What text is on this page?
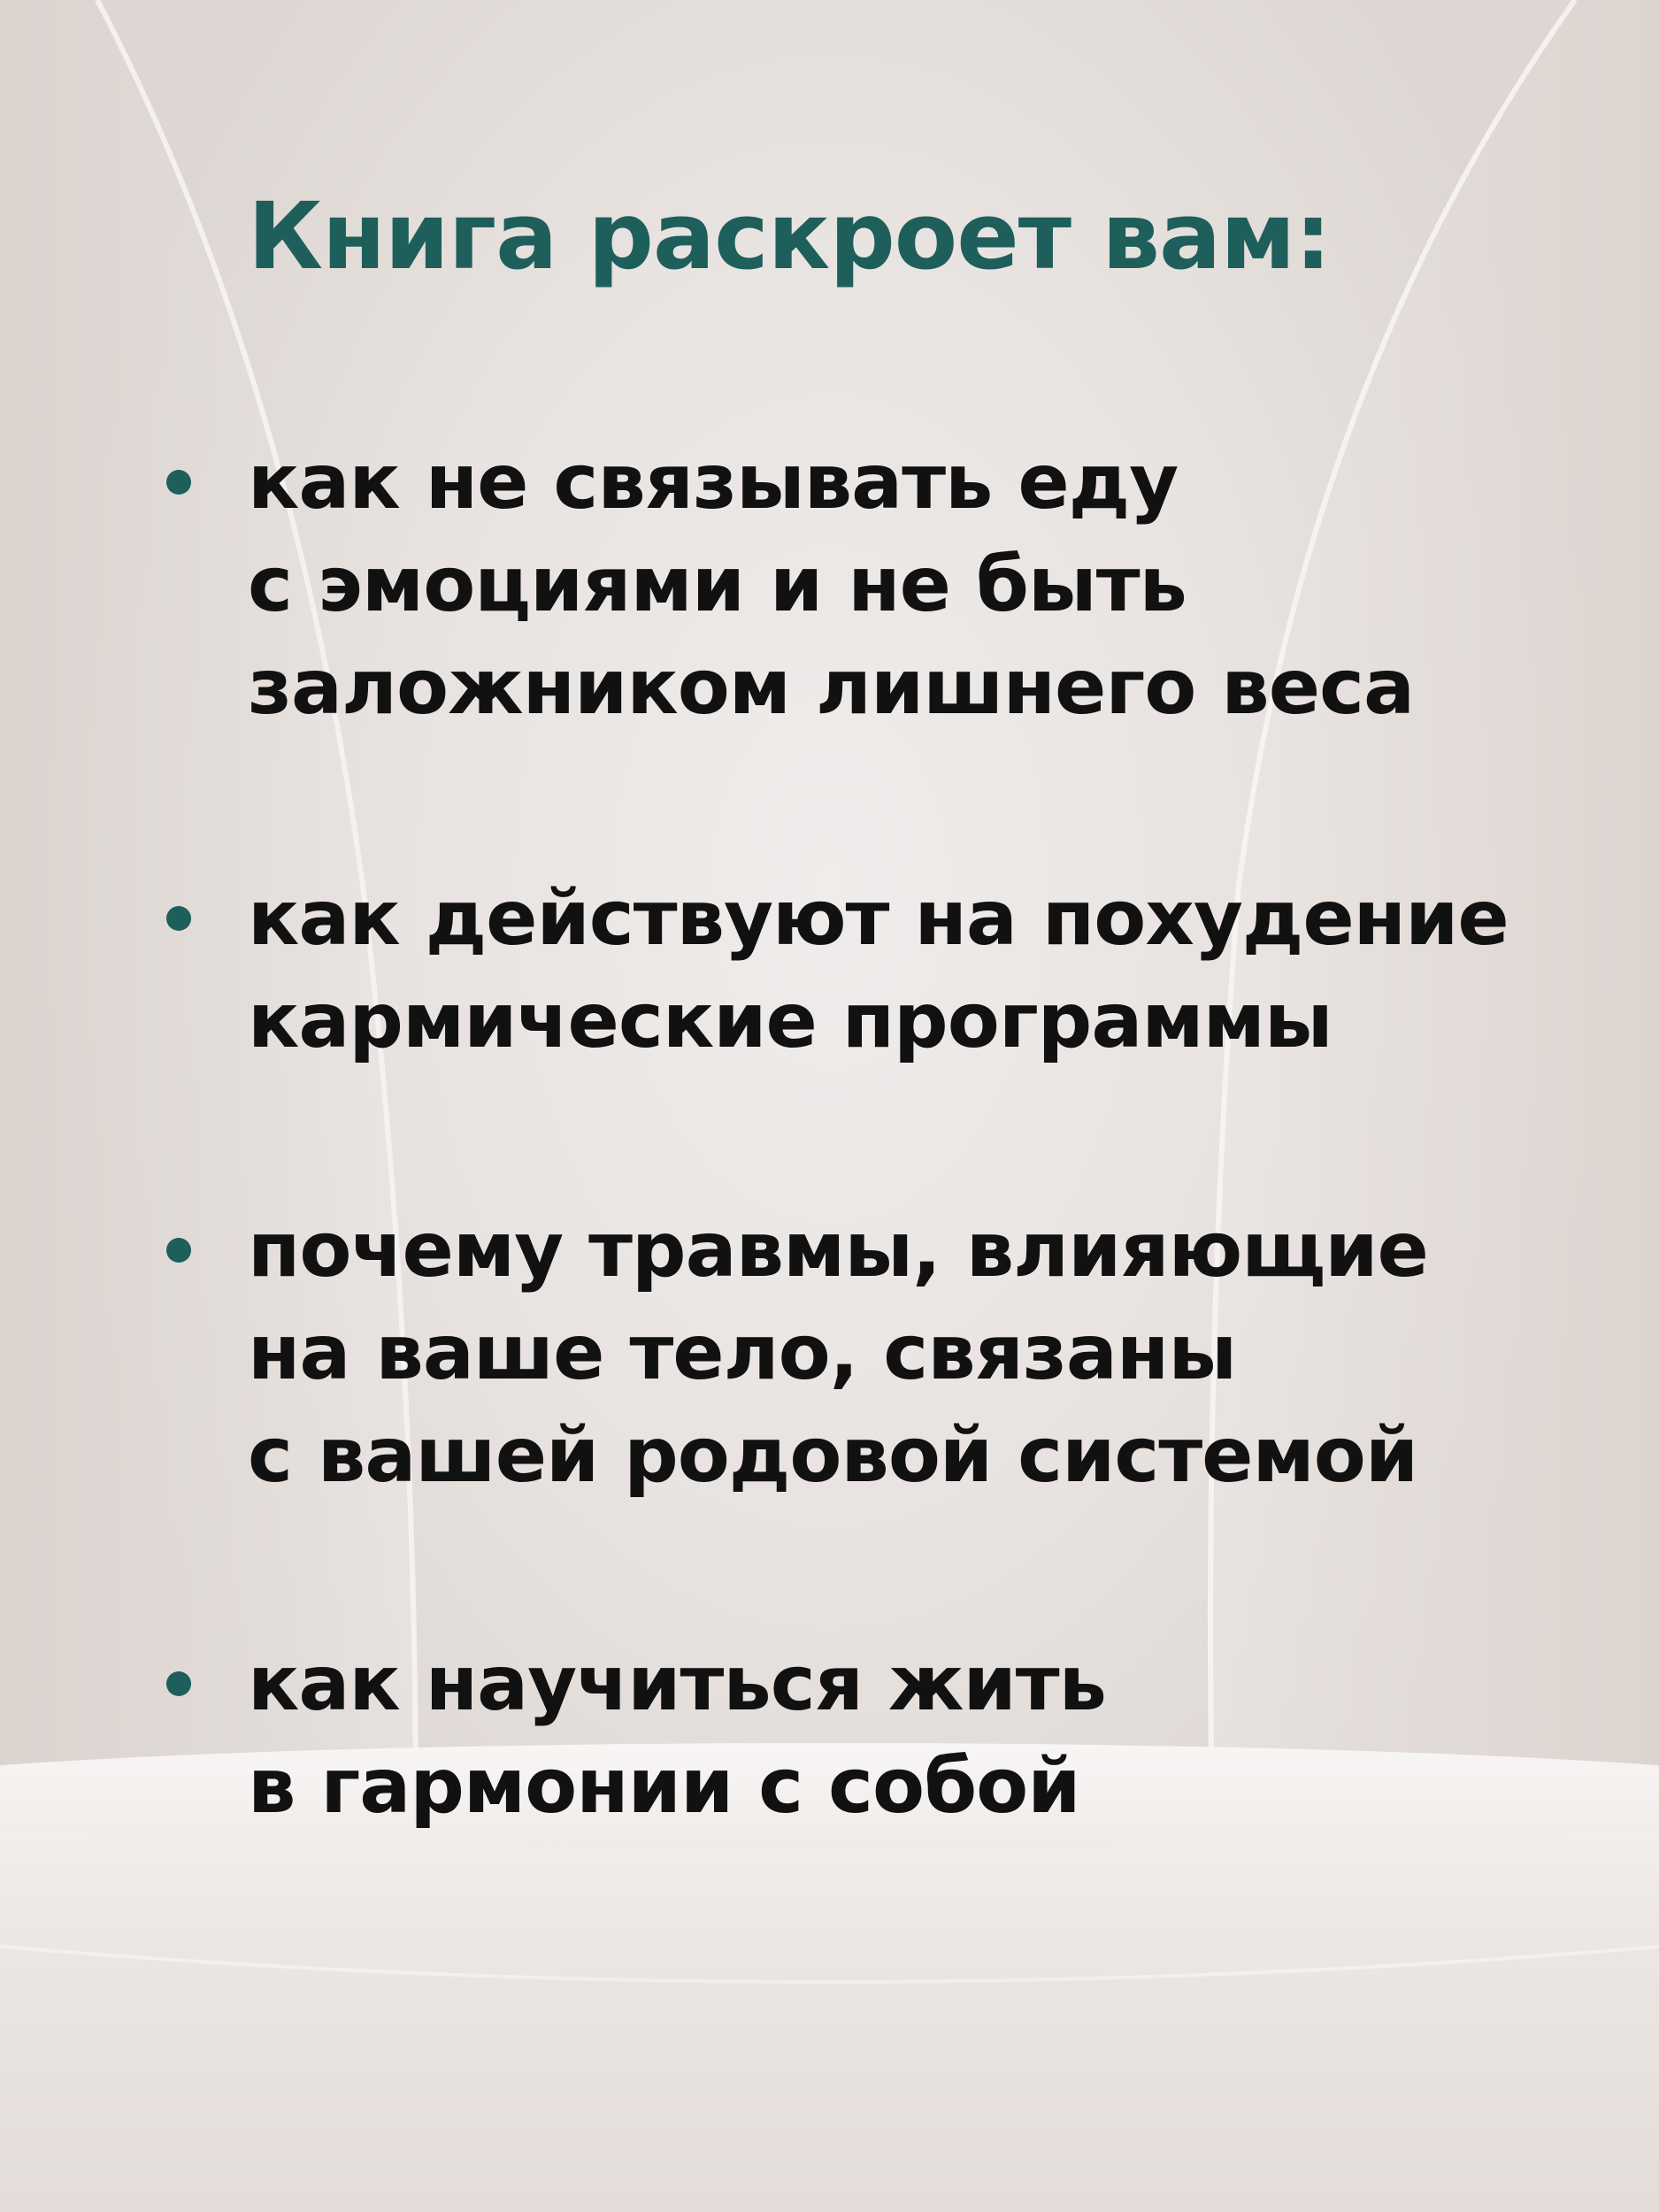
Книга раскроет вам:
как не связывать еду
с эмоциями и не быть
заложником лишнего веса
как действуют на похудение
кармические программы
почему травмы, влияющие
на ваше тело, связаны
с вашей родовой системой
как научиться жить
в гармонии с собой
